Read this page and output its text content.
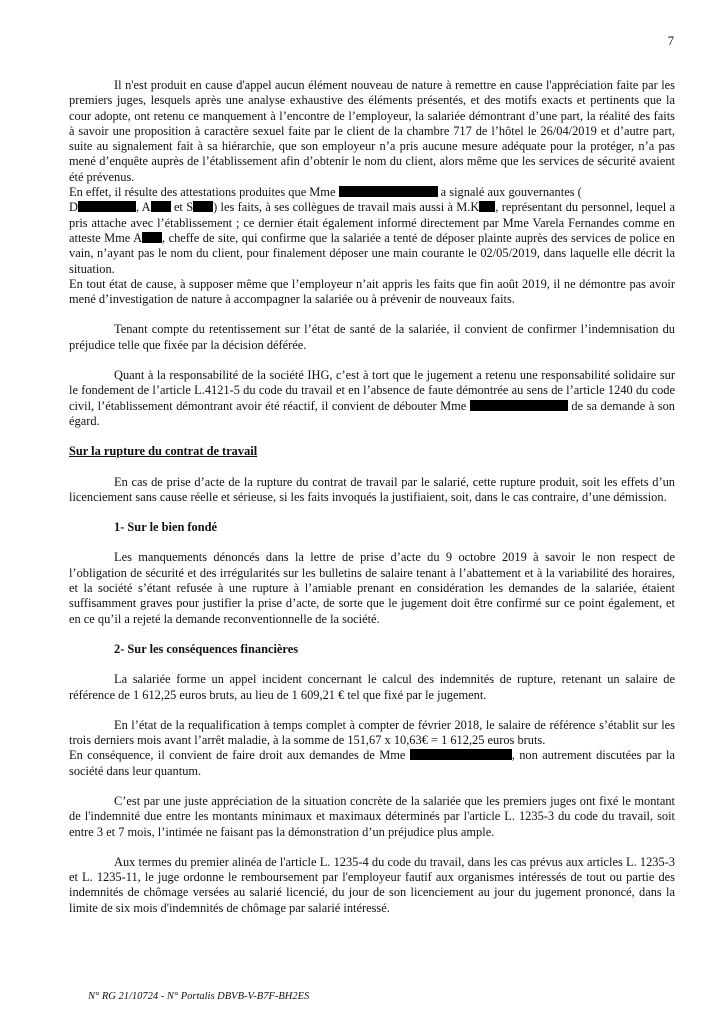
7

Il n'est produit en cause d'appel aucun élément nouveau de nature à remettre en cause l'appréciation faite par les premiers juges, lesquels après une analyse exhaustive des éléments présentés, et des motifs exacts et pertinents que la cour adopte, ont retenu ce manquement à l’encontre de l’employeur, la salariée démontrant d’une part, la réalité des faits à savoir une proposition à caractère sexuel faite par le client de la chambre 717 de l’hôtel le 26/04/2019 et d’autre part, suite au signalement fait à sa hiérarchie, que son employeur n’a pris aucune mesure adéquate pour la protéger, n’a pas mené d’enquête auprès de l’établissement afin d’obtenir le nom du client, alors même que les services de sécurité avaient été prévenus.

En effet, il résulte des attestations produites que Mme	a signalé aux gouvernantes (
D	, A et S ) les faits, à ses collègues de travail mais aussi à M.K , représentant du personnel, lequel a pris attache avec l’établissement ; ce dernier était également informé directement par Mme Varela Fernandes comme en atteste Mme A , cheffe de site, qui confirme que la salariée a tenté de déposer plainte auprès des services de police en vain, n’ayant pas le nom du client, pour finalement déposer une main courante le 02/05/2019, dans laquelle elle décrit la situation.

En tout état de cause, à supposer même que l’employeur n’ait appris les faits que fin août 2019, il ne démontre pas avoir mené d’investigation de nature à accompagner la salariée ou à prévenir de nouveaux faits.

Tenant compte du retentissement sur l’état de santé de la salariée, il convient de confirmer l’indemnisation du préjudice telle que fixée par la décision déférée.

Quant à la responsabilité de la société IHG, c’est à tort que le jugement a retenu une responsabilité solidaire sur le fondement de l’article L.4121-5 du code du travail et en l’absence de faute démontrée au sens de l’article 1240 du code civil, l’établissement démontrant avoir été réactif, il convient de débouter Mme	de sa demande à son égard.

Sur la rupture du contrat de travail

En cas de prise d’acte de la rupture du contrat de travail par le salarié, cette rupture produit, soit les effets d’un licenciement sans cause réelle et sérieuse, si les faits invoqués la justifiaient, soit, dans le cas contraire, d’une démission.

1- Sur le bien fondé

Les manquements dénoncés dans la lettre de prise d’acte du 9 octobre 2019 à savoir le non respect de l’obligation de sécurité et des irrégularités sur les bulletins de salaire tenant à l’abattement et à la variabilité des horaires, et la société s’étant refusée à une rupture à l’amiable prenant en considération les demandes de la salariée, étaient suffisamment graves pour justifier la prise d’acte, de sorte que le jugement doit être confirmé sur ce point également, et en ce qu’il a rejeté la demande reconventionnelle de la société.

2- Sur les conséquences financières

La salariée forme un appel incident concernant le calcul des indemnités de rupture, retenant un salaire de référence de 1 612,25 euros bruts, au lieu de 1 609,21 € tel que fixé par le jugement.

En l’état de la requalification à temps complet à compter de février 2018, le salaire de référence s’établit sur les trois derniers mois avant l’arrêt maladie, à la somme de 151,67 x 10,63€ = 1 612,25 euros bruts.

En conséquence, il convient de faire droit aux demandes de Mme	, non autrement discutées par la société dans leur quantum.

C’est par une juste appréciation de la situation concrète de la salariée que les premiers juges ont fixé le montant de l'indemnité due entre les montants minimaux et maximaux déterminés par l'article L. 1235-3 du code du travail, soit entre 3 et 7 mois, l’intimée ne faisant pas la démonstration d’un préjudice plus ample.

Aux termes du premier alinéa de l'article L. 1235-4 du code du travail, dans les cas prévus aux articles L. 1235-3 et L. 1235-11, le juge ordonne le remboursement par l'employeur fautif aux organismes intéressés de tout ou partie des indemnités de chômage versées au salarié licencié, du jour de son licenciement au jour du jugement prononcé, dans la limite de six mois d'indemnités de chômage par salarié intéressé.

N° RG 21/10724 - N° Portalis DBVB-V-B7F-BH2ES
